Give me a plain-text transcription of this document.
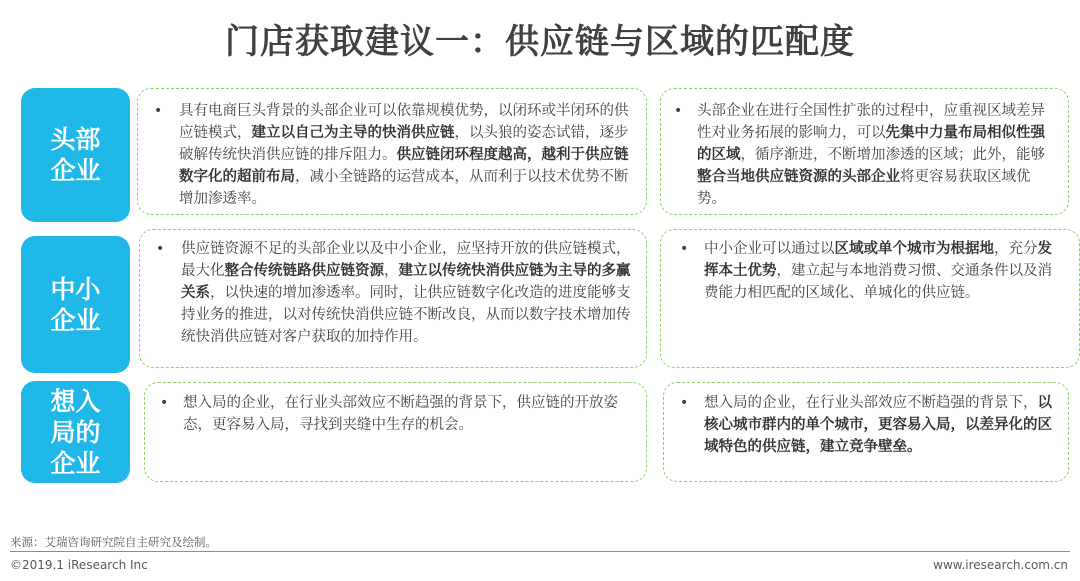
门店获取建议一：供应链与区域的匹配度
头部
企业
• 具有电商巨头背景的头部企业可以依靠规模优势，以闭环或半闭环的供应链模式，建立以自己为主导的快消供应链，以头狼的姿态试错，逐步破解传统快消供应链的排斥阻力。供应链闭环程度越高，越利于供应链数字化的超前布局，减小全链路的运营成本，从而利于以技术优势不断增加渗透率。

• 头部企业在进行全国性扩张的过程中，应重视区域差异性对业务拓展的影响力，可以先集中力量布局相似性强的区域，循序渐进，不断增加渗透的区域；此外，能够整合当地供应链资源的头部企业将更容易获取区域优势。

中小
企业
• 供应链资源不足的头部企业以及中小企业，应坚持开放的供应链模式，最大化整合传统链路供应链资源，建立以传统快消供应链为主导的多赢关系，以快速的增加渗透率。同时，让供应链数字化改造的进度能够支持业务的推进，以对传统快消供应链不断改良，从而以数字技术增加传统快消供应链对客户获取的加持作用。

• 中小企业可以通过以区域或单个城市为根据地，充分发挥本土优势，建立起与本地消费习惯、交通条件以及消费能力相匹配的区域化、单城化的供应链。

想入
局的
企业
• 想入局的企业，在行业头部效应不断趋强的背景下，供应链的开放姿态，更容易入局，寻找到夹缝中生存的机会。

• 想入局的企业，在行业头部效应不断趋强的背景下，以核心城市群内的单个城市，更容易入局，以差异化的区域特色的供应链，建立竞争壁垒。

来源：艾瑞咨询研究院自主研究及绘制。
©2019.1 iResearch Inc	www.iresearch.com.cn
